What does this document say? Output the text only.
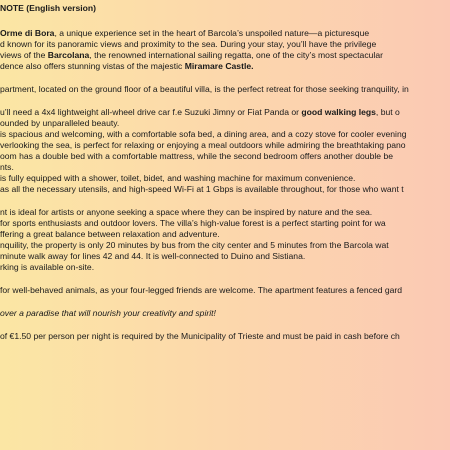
NOTE (English version)
Orme di Bora, a unique experience set in the heart of Barcola’s unspoiled nature—a picturesque
d known for its panoramic views and proximity to the sea. During your stay, you’ll have the privilege
views of the Barcolana, the renowned international sailing regatta, one of the city’s most spectacular
dence also offers stunning vistas of the majestic Miramare Castle.
partment, located on the ground floor of a beautiful villa, is the perfect retreat for those seeking tranquility, in
u’ll need a 4x4 lightweight all-wheel drive car f.e Suzuki Jimny or Fiat Panda or good walking legs, but o
ounded by unparalleled beauty.
is spacious and welcoming, with a comfortable sofa bed, a dining area, and a cozy stove for cooler evening
verlooking the sea, is perfect for relaxing or enjoying a meal outdoors while admiring the breathtaking pano
oom has a double bed with a comfortable mattress, while the second bedroom offers another double be
nts.
is fully equipped with a shower, toilet, bidet, and washing machine for maximum convenience.
as all the necessary utensils, and high-speed Wi-Fi at 1 Gbps is available throughout, for those who want t
nt is ideal for artists or anyone seeking a space where they can be inspired by nature and the sea.
for sports enthusiasts and outdoor lovers. The villa’s high-value forest is a perfect starting point for wa
ffering a great balance between relaxation and adventure.
nquility, the property is only 20 minutes by bus from the city center and 5 minutes from the Barcola wat
minute walk away for lines 42 and 44. It is well-connected to Duino and Sistiana.
rking is available on-site.
for well-behaved animals, as your four-legged friends are welcome. The apartment features a fenced gard
over a paradise that will nourish your creativity and spirit!
of €1.50 per person per night is required by the Municipality of Trieste and must be paid in cash before ch
